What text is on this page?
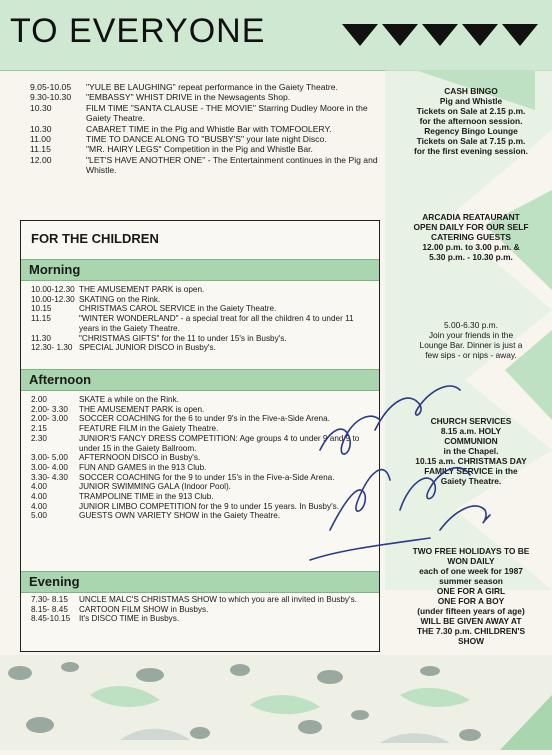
TO EVERYONE
9.05-10.05	"YULE BE LAUGHING" repeat performance in the Gaiety Theatre.
9.30-10.30	"EMBASSY" WHIST DRIVE in the Newsagents Shop.
10.30	FILM TIME "SANTA CLAUSE - THE MOVIE" Starring Dudley Moore in the Gaiety Theatre.
10.30	CABARET TIME in the Pig and Whistle Bar with TOMFOOLERY.
11.00	TIME TO DANCE ALONG TO "BUSBY'S" your late night Disco.
11.15	"MR. HAIRY LEGS" Competition in the Pig and Whistle Bar.
12.00	"LET'S HAVE ANOTHER ONE" - The Entertainment continues in the Pig and Whistle.
FOR THE CHILDREN
Morning
10.00-12.30 THE AMUSEMENT PARK is open.
10.00-12.30 SKATING on the Rink.
10.15	CHRISTMAS CAROL SERVICE in the Gaiety Theatre.
11.15	"WINTER WONDERLAND" - a special treat for all the children 4 to under 11 years in the Gaiety Theatre.
11.30	"CHRISTMAS GIFTS" for the 11 to under 15's in Busby's.
12.30- 1.30 SPECIAL JUNIOR DISCO in Busby's.
Afternoon
2.00	SKATE a while on the Rink.
2.00- 3.30	THE AMUSEMENT PARK is open.
2.00- 3.00	SOCCER COACHING for the 6 to under 9's in the Five-a-Side Arena.
2.15	FEATURE FILM in the Gaiety Theatre.
2.30	JUNIOR'S FANCY DRESS COMPETITION: Age groups 4 to under 9 and 9 to under 15 in the Gaiety Ballroom.
3.00- 5.00	AFTERNOON DISCO in Busby's.
3.00- 4.00	FUN AND GAMES in the 913 Club.
3.30- 4.30	SOCCER COACHING for the 9 to under 15's in the Five-a-Side Arena.
4.00	JUNIOR SWIMMING GALA (Indoor Pool).
4.00	TRAMPOLINE TIME in the 913 Club.
4.00	JUNIOR LIMBO COMPETITION for the 9 to under 15 years. In Busby's.
5.00	GUESTS OWN VARIETY SHOW in the Gaiety Theatre.
Evening
7.30- 8.15	UNCLE MALC'S CHRISTMAS SHOW to which you are all invited in Busby's.
8.15- 8.45	CARTOON FILM SHOW in Busbys.
8.45-10.15	It's DISCO TIME in Busbys.
CASH BINGO
Pig and Whistle
Tickets on Sale at 2.15 p.m.
for the afternoon session.
Regency Bingo Lounge
Tickets on Sale at 7.15 p.m.
for the first evening session.
ARCADIA REATAURANT
OPEN DAILY FOR OUR SELF
CATERING GUESTS
12.00 p.m. to 3.00 p.m. &
5.30 p.m. - 10.30 p.m.
5.00-6.30 p.m.
Join your friends in the
Lounge Bar. Dinner is just a
few sips - or nips - away.
CHURCH SERVICES
8.15 a.m. HOLY
COMMUNION
in the Chapel.
10.15 a.m. CHRISTMAS DAY
FAMILY SERVICE in the
Gaiety Theatre.
TWO FREE HOLIDAYS TO BE
WON DAILY
each of one week for 1987
summer season
ONE FOR A GIRL
ONE FOR A BOY
(under fifteen years of age)
WILL BE GIVEN AWAY AT
THE 7.30 p.m. CHILDREN'S
SHOW
